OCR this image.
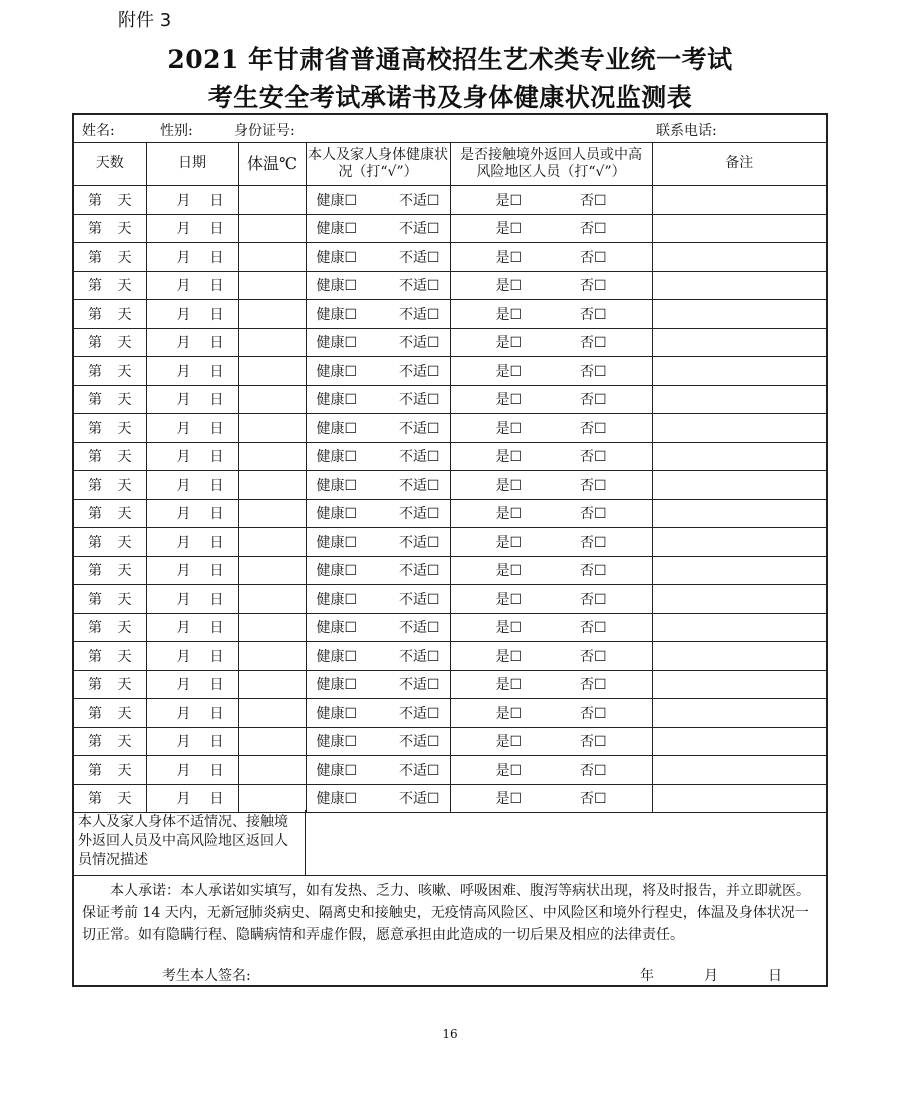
附件 3
2021 年甘肃省普通高校招生艺术类专业统一考试
考生安全考试承诺书及身体健康状况监测表
姓名:	性别:	身份证号:	联系电话:
天数	日期	体温℃	本人及家人身体健康状况（打“√”）	是否接触境外返回人员或中高风险地区人员（打“√”）	备注

第 天	月 日		健康☐ 不适☐	是☐ 否☐	

第 天	月 日		健康☐ 不适☐	是☐ 否☐	

第 天	月 日		健康☐ 不适☐	是☐ 否☐	

第 天	月 日		健康☐ 不适☐	是☐ 否☐	

第 天	月 日		健康☐ 不适☐	是☐ 否☐	

第 天	月 日		健康☐ 不适☐	是☐ 否☐	

第 天	月 日		健康☐ 不适☐	是☐ 否☐	

第 天	月 日		健康☐ 不适☐	是☐ 否☐	

第 天	月 日		健康☐ 不适☐	是☐ 否☐	

第 天	月 日		健康☐ 不适☐	是☐ 否☐	

第 天	月 日		健康☐ 不适☐	是☐ 否☐	

第 天	月 日		健康☐ 不适☐	是☐ 否☐	

第 天	月 日		健康☐ 不适☐	是☐ 否☐	

第 天	月 日		健康☐ 不适☐	是☐ 否☐	

第 天	月 日		健康☐ 不适☐	是☐ 否☐	

第 天	月 日		健康☐ 不适☐	是☐ 否☐	

第 天	月 日		健康☐ 不适☐	是☐ 否☐	

第 天	月 日		健康☐ 不适☐	是☐ 否☐	

第 天	月 日		健康☐ 不适☐	是☐ 否☐	

第 天	月 日		健康☐ 不适☐	是☐ 否☐	

第 天	月 日		健康☐ 不适☐	是☐ 否☐	

第 天	月 日		健康☐ 不适☐	是☐ 否☐	

本人及家人身体不适情况、接触境外返回人员及中高风险地区返回人员情况描述
本人承诺：本人承诺如实填写，如有发热、乏力、咳嗽、呼吸困难、腹泻等病状出现，将及时报告，并立即就医。保证考前 14 天内，无新冠肺炎病史、隔离史和接触史，无疫情高风险区、中风险区和境外行程史，体温及身体状况一切正常。如有隐瞒行程、隐瞒病情和弄虚作假，愿意承担由此造成的一切后果及相应的法律责任。
考生本人签名:	年	月	日
16
